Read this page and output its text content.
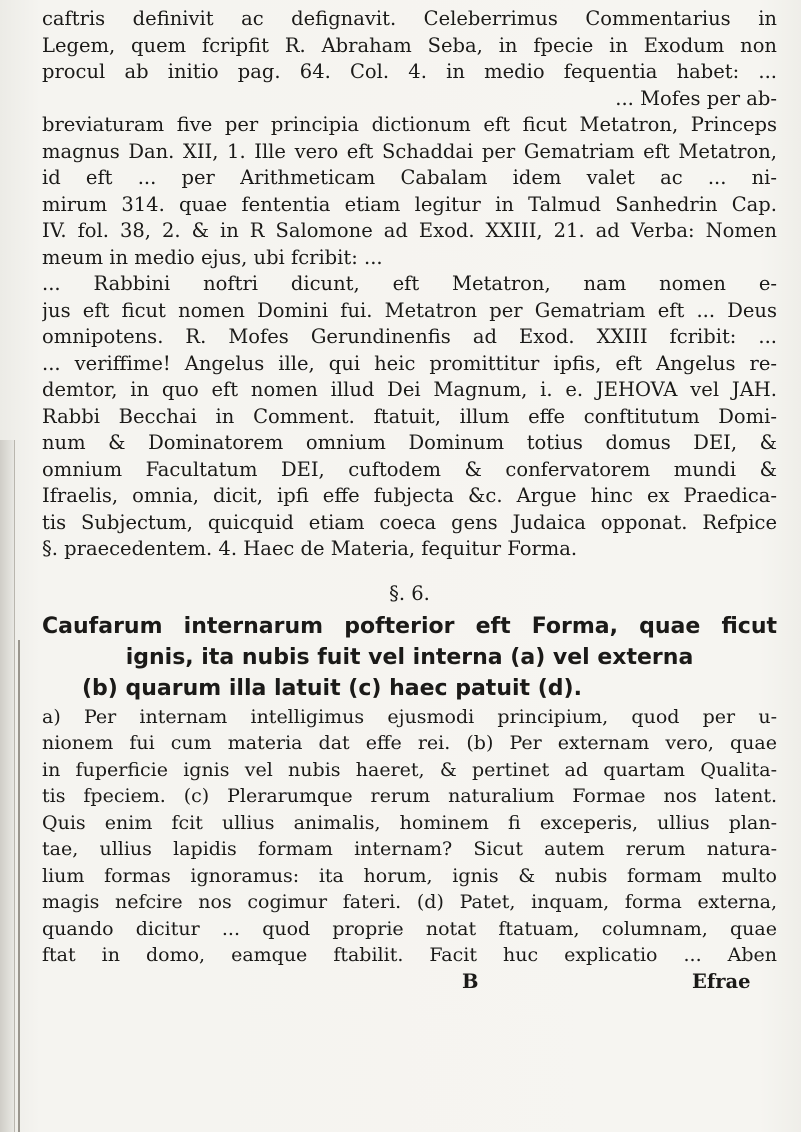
caftris definivit ac defignavit. Celeberrimus Commentarius in
Legem, quem fcripfit R. Abraham Seba, in fpecie in Exodum non
procul ab initio pag. 64. Col. 4. in medio fequentia habet: ...
... Mofes per ab-
breviaturam five per principia dictionum eft ficut Metatron, Princeps
magnus Dan. XII, 1. Ille vero eft Schaddai per Gematriam eft Metatron,
id eft ... per Arithmeticam Cabalam idem valet ac ... ni-
mirum 314. quae fententia etiam legitur in Talmud Sanhedrin Cap.
IV. fol. 38, 2. & in R Salomone ad Exod. XXIII, 21. ad Verba: Nomen
meum in medio ejus, ubi fcribit: ...
... Rabbini noftri dicunt, eft Metatron, nam nomen e-
jus eft ficut nomen Domini fui. Metatron per Gematriam eft ... Deus
omnipotens. R. Mofes Gerundinenfis ad Exod. XXIII fcribit: ...
... veriffime! Angelus ille, qui heic promittitur ipfis, eft Angelus re-
demtor, in quo eft nomen illud Dei Magnum, i. e. JEHOVA vel JAH.
Rabbi Becchai in Comment. ftatuit, illum effe conftitutum Domi-
num & Dominatorem omnium Dominum totius domus DEI, &
omnium Facultatum DEI, cuftodem & confervatorem mundi &
Ifraelis, omnia, dicit, ipfi effe fubjecta &c. Argue hinc ex Praedica-
tis Subjectum, quicquid etiam coeca gens Judaica opponat. Refpice
§. praecedentem. 4. Haec de Materia, fequitur Forma.
§. 6.
Caufarum internarum pofterior eft Forma, quae ficut
ignis, ita nubis fuit vel interna (a) vel externa
(b) quarum illa latuit (c) haec patuit (d).
a) Per internam intelligimus ejusmodi principium, quod per u-
nionem fui cum materia dat effe rei. (b) Per externam vero, quae
in fuperficie ignis vel nubis haeret, & pertinet ad quartam Qualita-
tis fpeciem. (c) Plerarumque rerum naturalium Formae nos latent.
Quis enim fcit ullius animalis, hominem fi exceperis, ullius plan-
tae, ullius lapidis formam internam? Sicut autem rerum natura-
lium formas ignoramus: ita horum, ignis & nubis formam multo
magis nefcire nos cogimur fateri. (d) Patet, inquam, forma externa,
quando dicitur ... quod proprie notat ftatuam, columnam, quae
ftat in domo, eamque ftabilit. Facit huc explicatio ... Aben
B	Efrae
